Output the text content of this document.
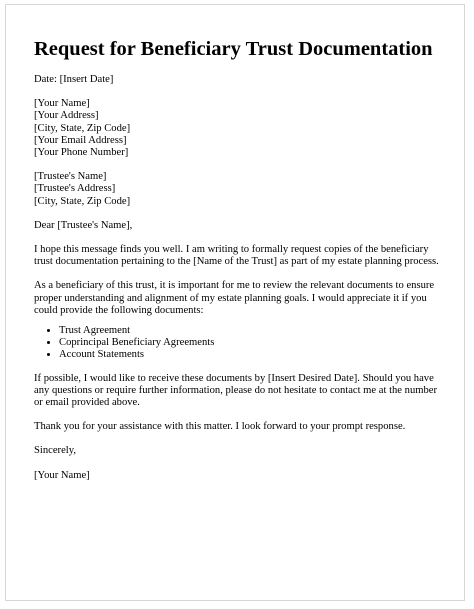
Request for Beneficiary Trust Documentation
Date: [Insert Date]
[Your Name]
[Your Address]
[City, State, Zip Code]
[Your Email Address]
[Your Phone Number]
[Trustee's Name]
[Trustee's Address]
[City, State, Zip Code]

Dear [Trustee's Name],

I hope this message finds you well. I am writing to formally request copies of the beneficiary trust documentation pertaining to the [Name of the Trust] as part of my estate planning process.

As a beneficiary of this trust, it is important for me to review the relevant documents to ensure proper understanding and alignment of my estate planning goals. I would appreciate it if you could provide the following documents:

• Trust Agreement
• Coprincipal Beneficiary Agreements
• Account Statements

If possible, I would like to receive these documents by [Insert Desired Date]. Should you have any questions or require further information, please do not hesitate to contact me at the number or email provided above.

Thank you for your assistance with this matter. I look forward to your prompt response.

Sincerely,

[Your Name]
